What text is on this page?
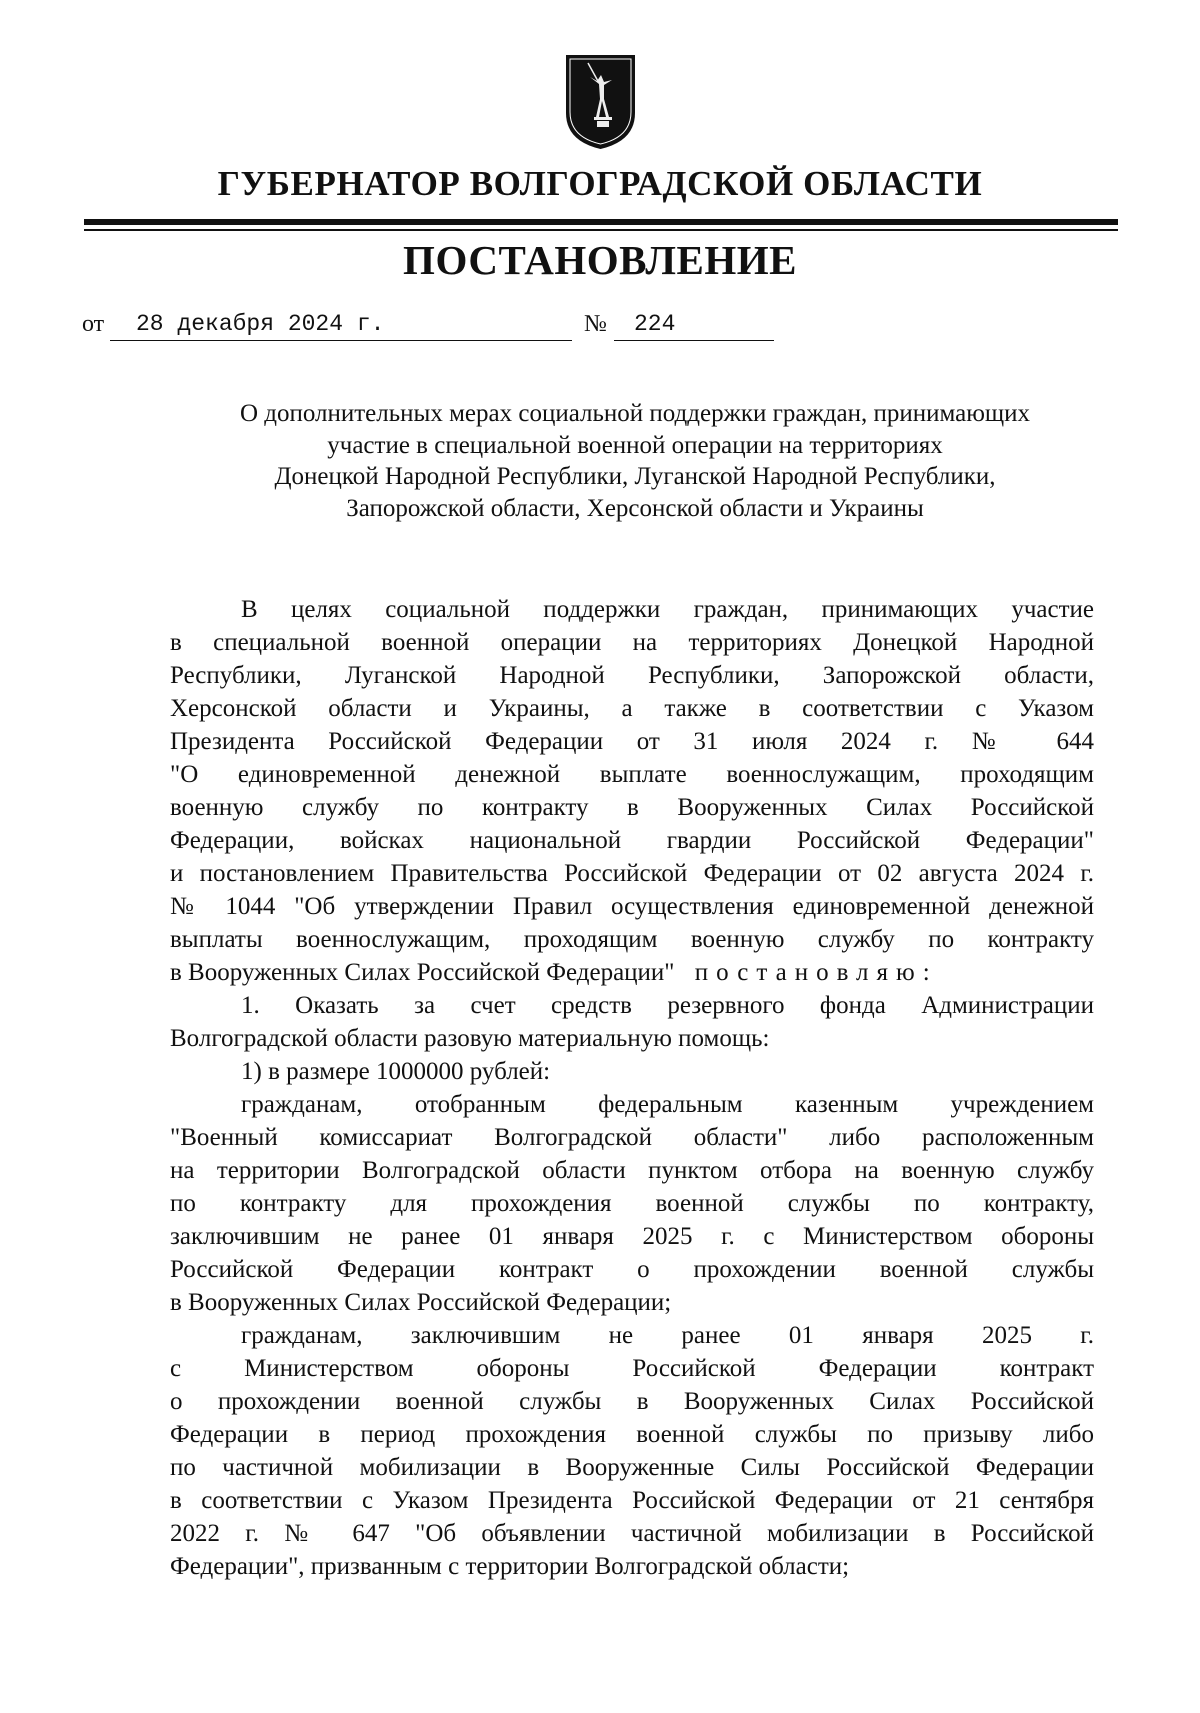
ГУБЕРНАТОР ВОЛГОГРАДСКОЙ ОБЛАСТИ
ПОСТАНОВЛЕНИЕ
от	28 декабря 2024 г.	№	224
О дополнительных мерах социальной поддержки граждан, принимающих
участие в специальной военной операции на территориях
Донецкой Народной Республики, Луганской Народной Республики,
Запорожской области, Херсонской области и Украины
В целях социальной поддержки граждан, принимающих участие
в специальной военной операции на территориях Донецкой Народной
Республики, Луганской Народной Республики, Запорожской области,
Херсонской области и Украины, а также в соответствии с Указом
Президента Российской Федерации от 31 июля 2024 г. № 644
"О единовременной денежной выплате военнослужащим, проходящим
военную службу по контракту в Вооруженных Силах Российской
Федерации, войсках национальной гвардии Российской Федерации"
и постановлением Правительства Российской Федерации от 02 августа 2024 г.
№ 1044 "Об утверждении Правил осуществления единовременной денежной
выплаты военнослужащим, проходящим военную службу по контракту
в Вооруженных Силах Российской Федерации" постановляю:
1. Оказать за счет средств резервного фонда Администрации
Волгоградской области разовую материальную помощь:
1) в размере 1000000 рублей:
гражданам, отобранным федеральным казенным учреждением
"Военный комиссариат Волгоградской области" либо расположенным
на территории Волгоградской области пунктом отбора на военную службу
по контракту для прохождения военной службы по контракту,
заключившим не ранее 01 января 2025 г. с Министерством обороны
Российской Федерации контракт о прохождении военной службы
в Вооруженных Силах Российской Федерации;
гражданам, заключившим не ранее 01 января 2025 г.
с Министерством обороны Российской Федерации контракт
о прохождении военной службы в Вооруженных Силах Российской
Федерации в период прохождения военной службы по призыву либо
по частичной мобилизации в Вооруженные Силы Российской Федерации
в соответствии с Указом Президента Российской Федерации от 21 сентября
2022 г. № 647 "Об объявлении частичной мобилизации в Российской
Федерации", призванным с территории Волгоградской области;
